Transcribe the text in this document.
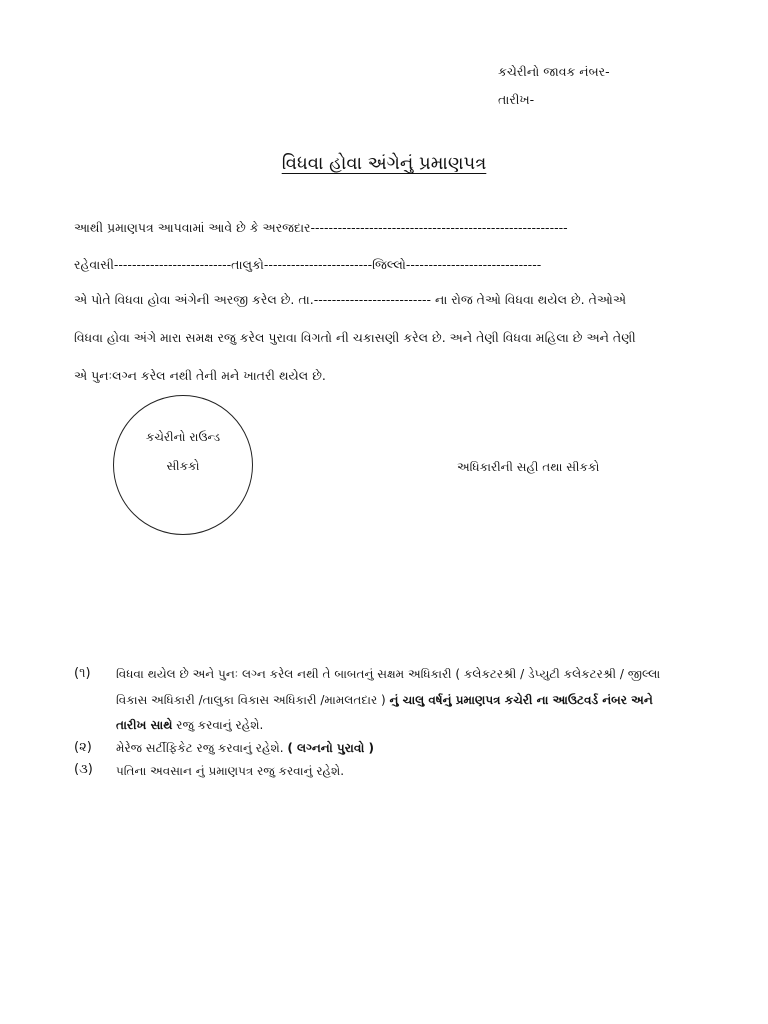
કચેરીનો જાવક નંબર-
તારીખ-
વિધવા હોવા અંગેનું પ્રમાણપત્ર
આથી પ્રમાણપત્ર આપવામાં આવે છે કે અરજદાર---------------------------------------------------------
રહેવાસી--------------------------તાલુકો------------------------જિલ્લો------------------------------
એ પોતે વિધવા હોવા અંગેની અરજી કરેલ છે. તા.-------------------------- ના રોજ તેઓ વિધવા થયેલ છે. તેઓએ
વિધવા હોવા અંગે મારા સમક્ષ રજુ કરેલ પુરાવા વિગતો ની ચકાસણી કરેલ છે. અને તેણી વિધવા મહિલા છે અને તેણી
એ પુનઃલગ્ન કરેલ નથી તેની મને ખાતરી થયેલ છે.
કચેરીનો રાઉન્ડ
સીકકો	અધિકારીની સહી તથા સીકકો
(૧) વિધવા થયેલ છે અને પુનઃ લગ્ન કરેલ નથી તે બાબતનું સક્ષમ અધિકારી ( કલેકટરશ્રી / ડેપ્યુટી કલેકટરશ્રી / જીલ્લા
વિકાસ અધિકારી /તાલુકા વિકાસ અધિકારી /મામલતદાર ) નું ચાલુ વર્ષનું પ્રમાણપત્ર કચેરી ના આઉટવર્ડ નંબર અને
તારીખ સાથે રજુ કરવાનું રહેશે.
(૨) મેરેજ સર્ટીફિકેટ રજુ કરવાનું રહેશે. ( લગ્નનો પુરાવો )
(૩) પતિના અવસાન નું પ્રમાણપત્ર રજુ કરવાનું રહેશે.
